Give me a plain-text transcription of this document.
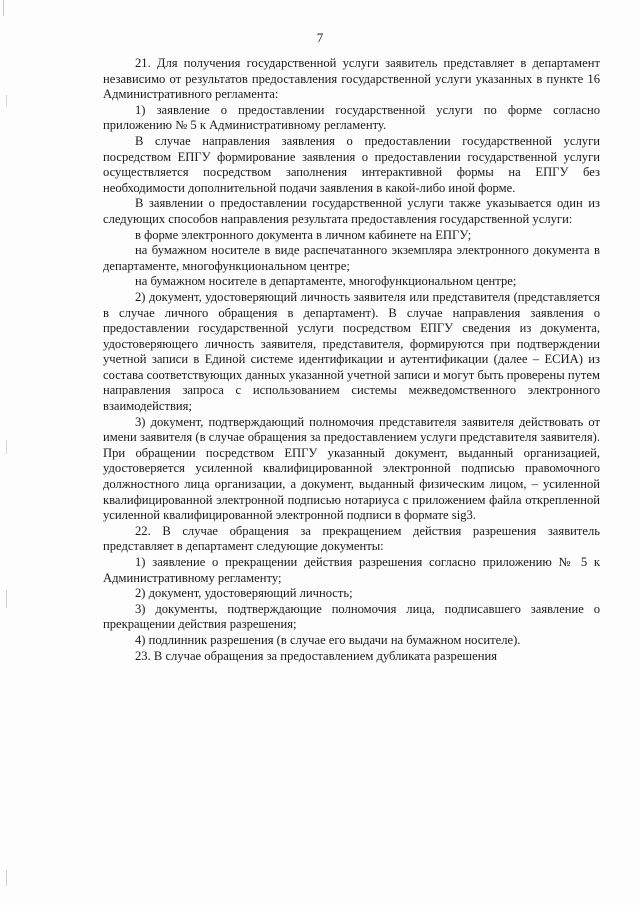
7

21. Для получения государственной услуги заявитель представляет в департамент независимо от результатов предоставления государственной услуги указанных в пункте 16 Административного регламента:

1) заявление о предоставлении государственной услуги по форме согласно приложению № 5 к Административному регламенту.

В случае направления заявления о предоставлении государственной услуги посредством ЕПГУ формирование заявления о предоставлении государственной услуги осуществляется посредством заполнения интерактивной формы на ЕПГУ без необходимости дополнительной подачи заявления в какой-либо иной форме.

В заявлении о предоставлении государственной услуги также указывается один из следующих способов направления результата предоставления государственной услуги:

в форме электронного документа в личном кабинете на ЕПГУ;

на бумажном носителе в виде распечатанного экземпляра электронного документа в департаменте, многофункциональном центре;

на бумажном носителе в департаменте, многофункциональном центре;

2) документ, удостоверяющий личность заявителя или представителя (представляется в случае личного обращения в департамент). В случае направления заявления о предоставлении государственной услуги посредством ЕПГУ сведения из документа, удостоверяющего личность заявителя, представителя, формируются при подтверждении учетной записи в Единой системе идентификации и аутентификации (далее – ЕСИА) из состава соответствующих данных указанной учетной записи и могут быть проверены путем направления запроса с использованием системы межведомственного электронного взаимодействия;

3) документ, подтверждающий полномочия представителя заявителя действовать от имени заявителя (в случае обращения за предоставлением услуги представителя заявителя). При обращении посредством ЕПГУ указанный документ, выданный организацией, удостоверяется усиленной квалифицированной электронной подписью правомочного должностного лица организации, а документ, выданный физическим лицом, – усиленной квалифицированной электронной подписью нотариуса с приложением файла открепленной усиленной квалифицированной электронной подписи в формате sig3.

22. В случае обращения за прекращением действия разрешения заявитель представляет в департамент следующие документы:

1) заявление о прекращении действия разрешения согласно приложению № 5 к Административному регламенту;

2) документ, удостоверяющий личность;

3) документы, подтверждающие полномочия лица, подписавшего заявление о прекращении действия разрешения;

4) подлинник разрешения (в случае его выдачи на бумажном носителе).

23. В случае обращения за предоставлением дубликата разрешения
